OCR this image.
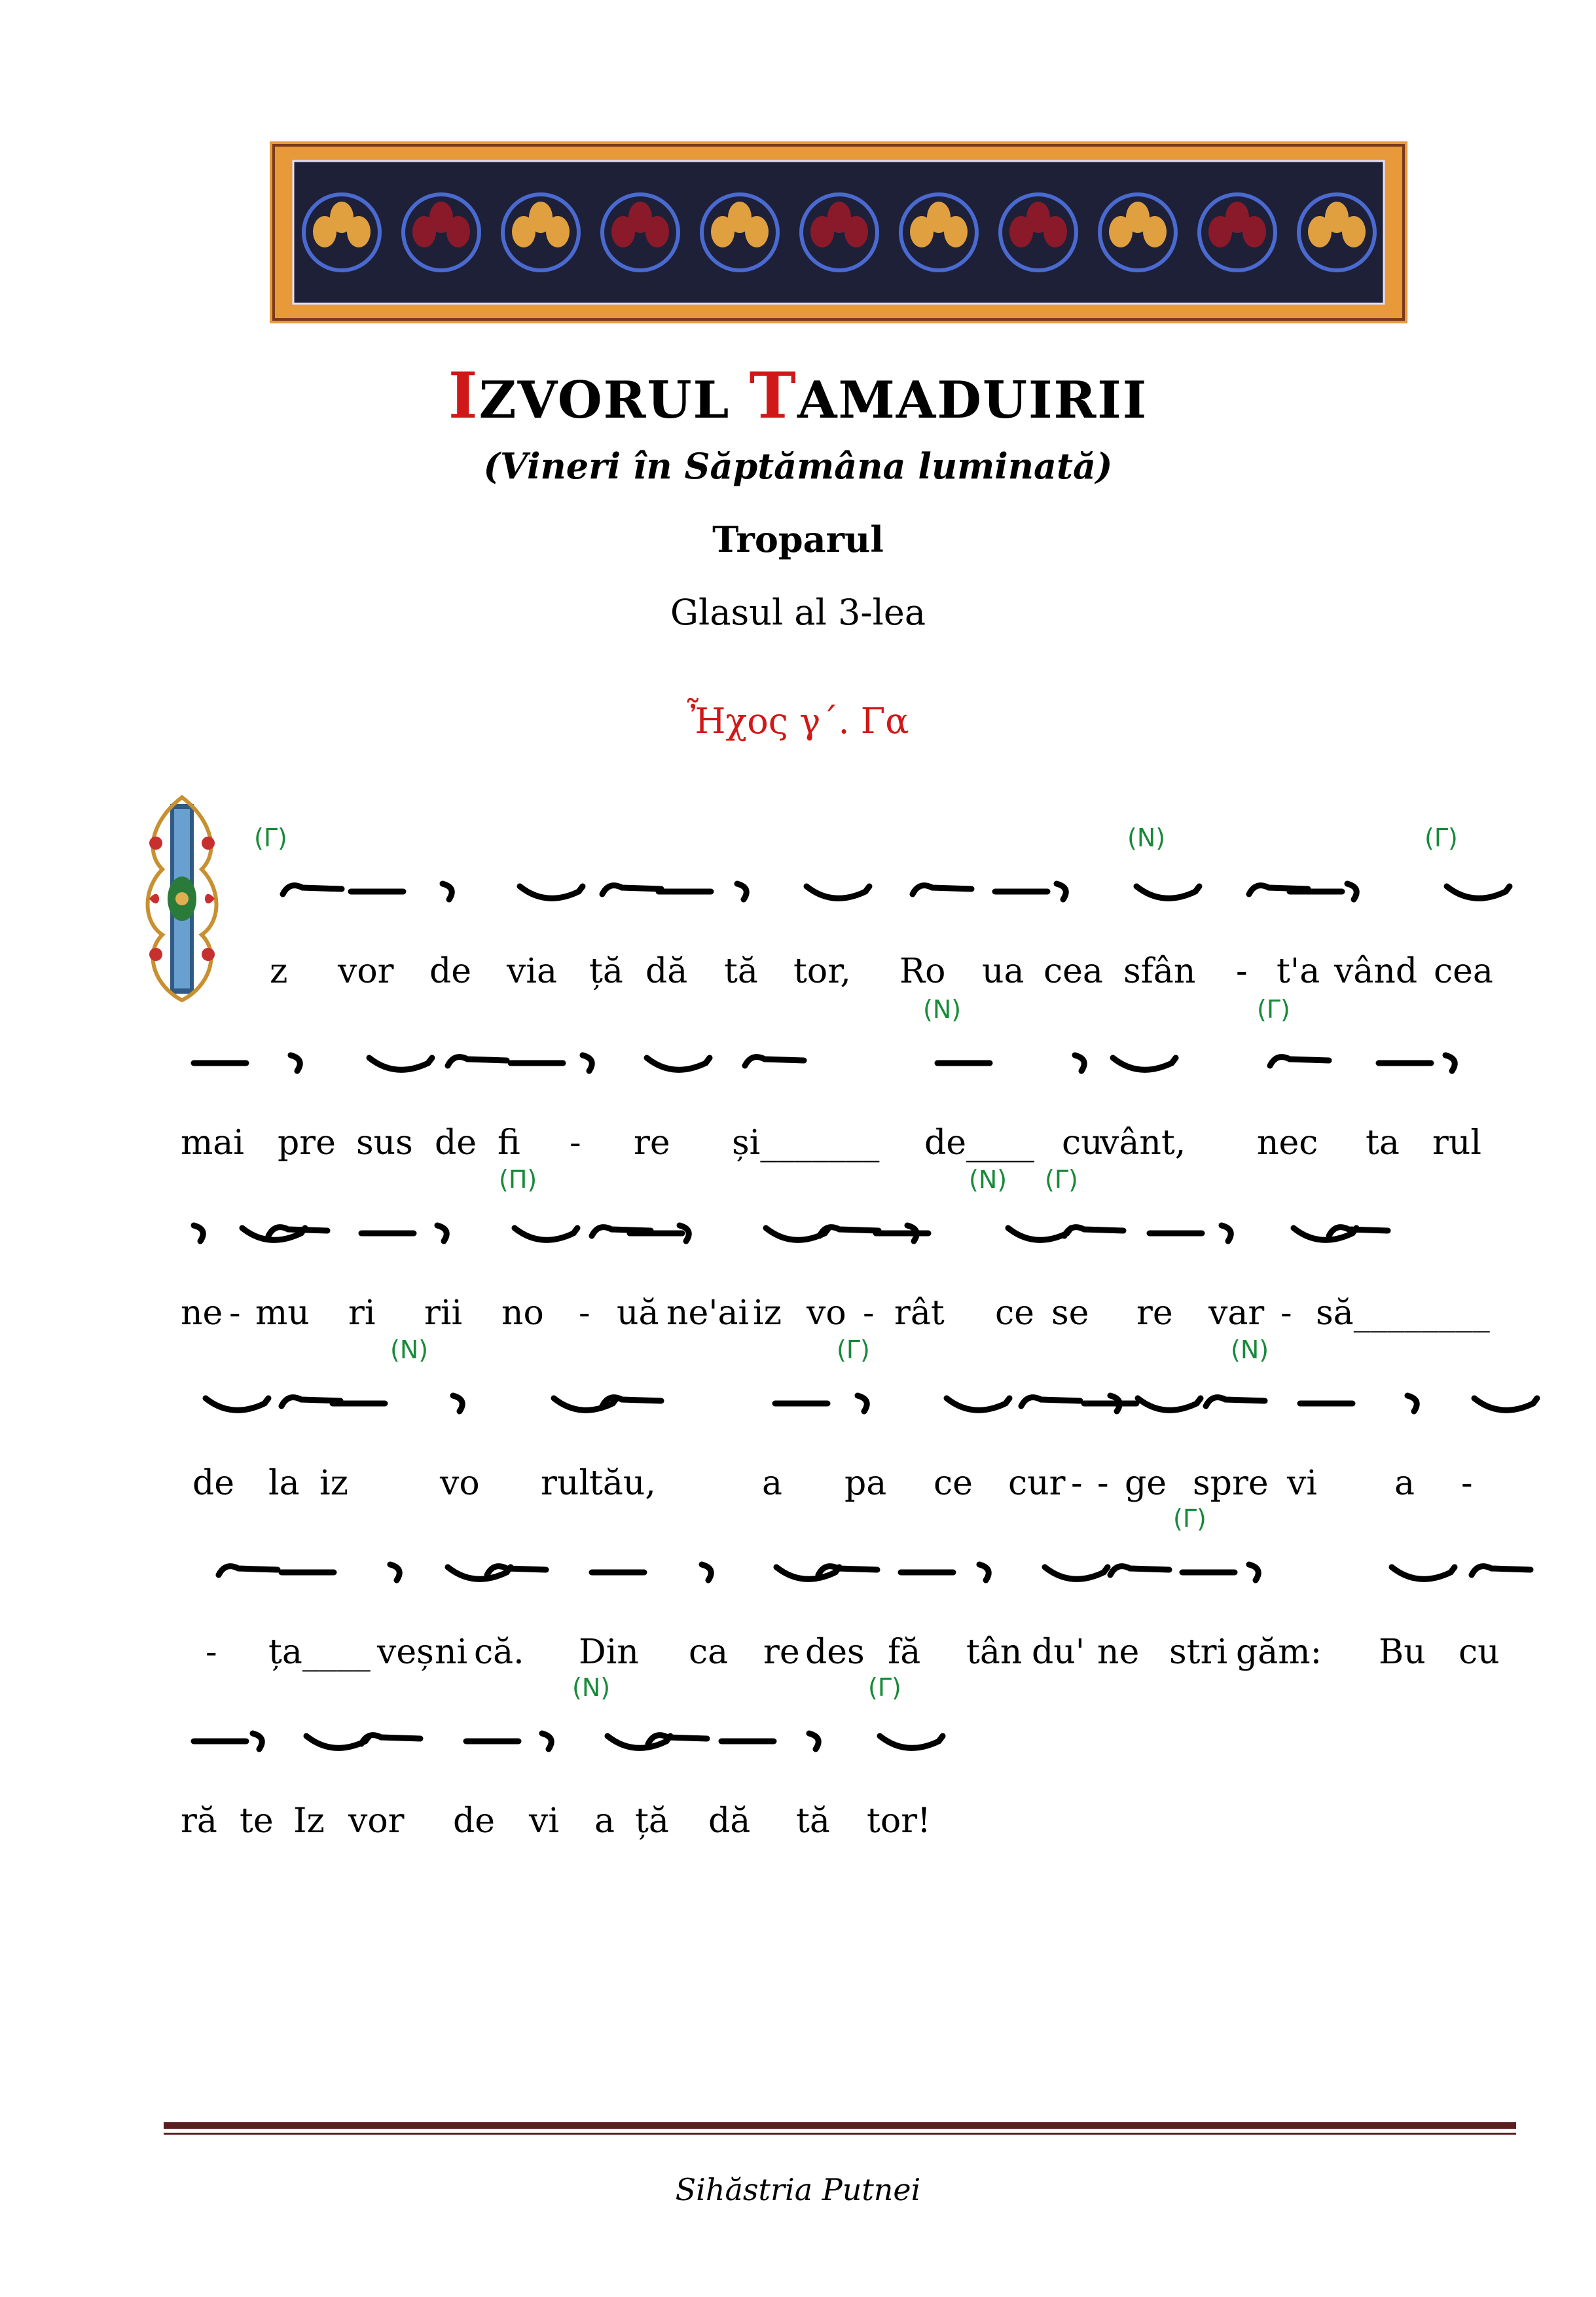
IZVORUL TAMADUIRII
(Vineri în Săptămâna luminată)
Troparul
Glasul al 3-lea
Ἦχος γ΄. Γα
(Γ)	(Ν)	(Γ)
z vor de via ță dă tă tor, Ro ua cea sfân - t'a vând cea
(Ν)	(Γ)
mai pre sus de fi - re și_______ de____ cu
vânt, nec ta rul
(Π)	(Ν) (Γ)
ne - mu ri rii no - uă ne'ai iz vo - rât ce se re var - să________
(Ν)	(Γ)	(Ν)
de la iz	vo rul tău,	a pa ce cur - - ge spre vi a -
(Γ)
- ța____ veș ni că. Din ca re des fă tân du' ne stri găm: Bu cu
(Ν)	(Γ)
ră te Iz vor de vi a ță dă tă tor!
Sihăstria Putnei
